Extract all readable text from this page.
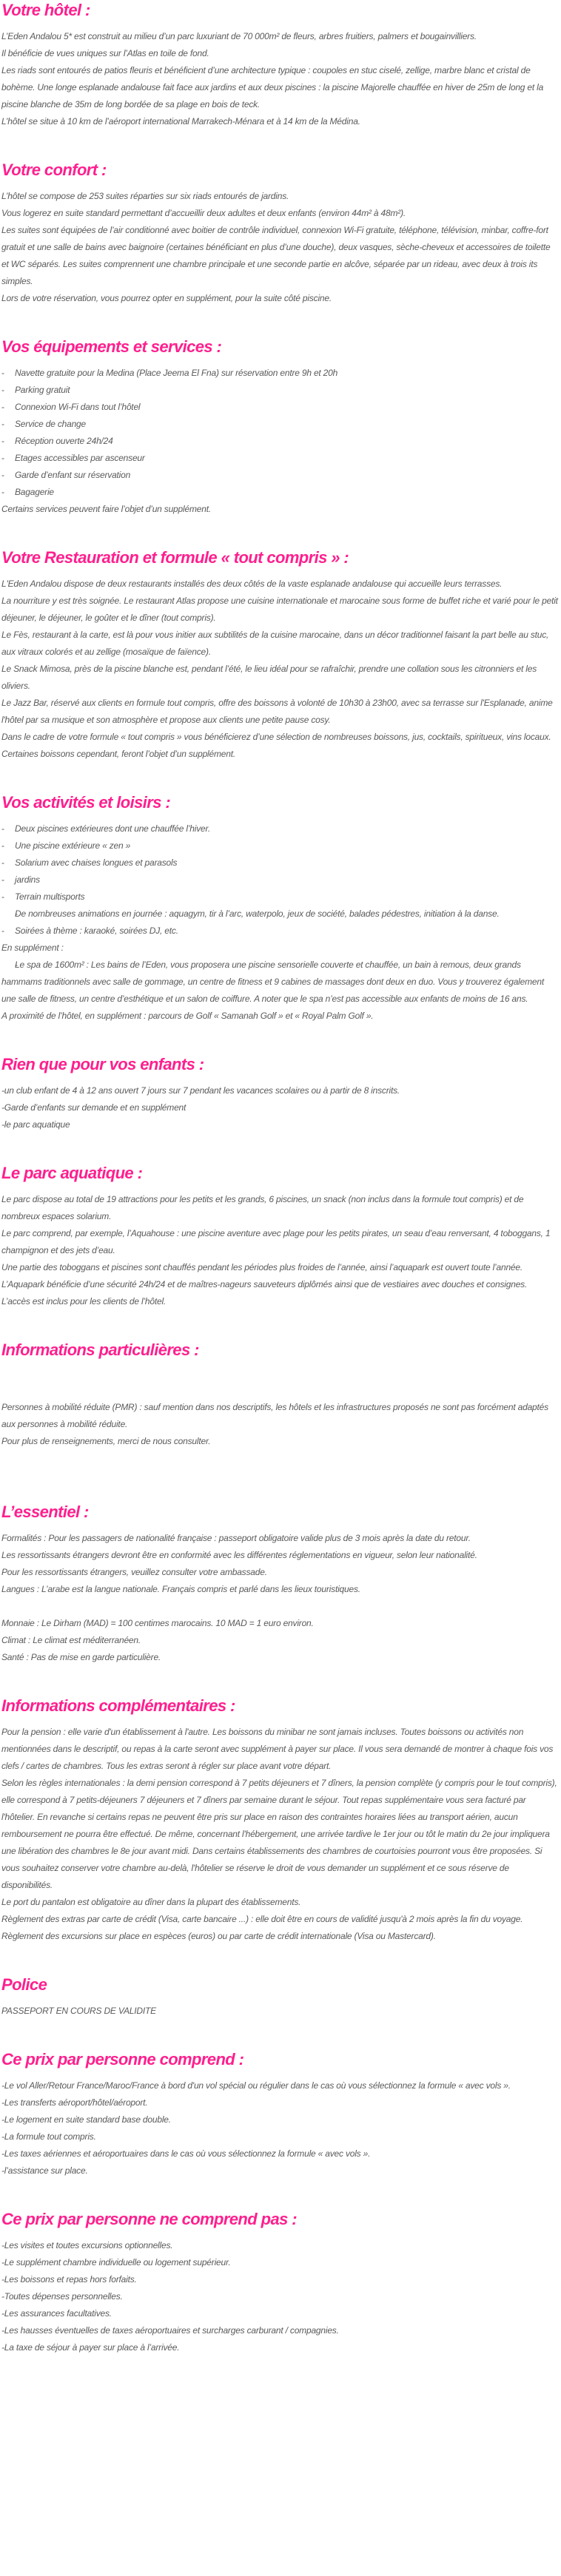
Votre hôtel :

L’Eden Andalou 5* est construit au milieu d’un parc luxuriant de 70 000m² de fleurs, arbres fruitiers, palmers et bougainvilliers.

Il bénéficie de vues uniques sur l’Atlas en toile de fond.

Les riads sont entourés de patios fleuris et bénéficient d’une architecture typique : coupoles en stuc ciselé, zellige, marbre blanc et cristal de bohème. Une longe esplanade andalouse fait face aux jardins et aux deux piscines : la piscine Majorelle chauffée en hiver de 25m de long et la piscine blanche de 35m de long bordée de sa plage en bois de teck.

L’hôtel se situe à 10 km de l’aéroport international Marrakech-Ménara et à 14 km de la Médina.

Votre confort :

L’hôtel se compose de 253 suites réparties sur six riads entourés de jardins.

Vous logerez en suite standard permettant d’accueillir deux adultes et deux enfants (environ 44m² à 48m²).

Les suites sont équipées de l’air conditionné avec boitier de contrôle individuel, connexion Wi-Fi gratuite, téléphone, télévision, minbar, coffre-fort gratuit et une salle de bains avec baignoire (certaines bénéficiant en plus d’une douche), deux vasques, sèche-cheveux et accessoires de toilette et WC séparés. Les suites comprennent une chambre principale et une seconde partie en alcôve, séparée par un rideau, avec deux à trois its simples.

Lors de votre réservation, vous pourrez opter en supplément, pour la suite côté piscine.

Vos équipements et services :
- Navette gratuite pour la Medina (Place Jeema El Fna) sur réservation entre 9h et 20h
- Parking gratuit
- Connexion Wi-Fi dans tout l’hôtel
- Service de change
- Réception ouverte 24h/24
- Etages accessibles par ascenseur
- Garde d’enfant sur réservation
- Bagagerie

Certains services peuvent faire l’objet d’un supplément.

Votre Restauration et formule « tout compris » :

L'Eden Andalou dispose de deux restaurants installés des deux côtés de la vaste esplanade andalouse qui accueille leurs terrasses.

La nourriture y est très soignée. Le restaurant Atlas propose une cuisine internationale et marocaine sous forme de buffet riche et varié pour le petit déjeuner, le déjeuner, le goûter et le dîner (tout compris).

Le Fès, restaurant à la carte, est là pour vous initier aux subtilités de la cuisine marocaine, dans un décor traditionnel faisant la part belle au stuc, aux vitraux colorés et au zellige (mosaïque de faïence).

Le Snack Mimosa, près de la piscine blanche est, pendant l’été, le lieu idéal pour se rafraîchir, prendre une collation sous les citronniers et les oliviers.

Le Jazz Bar, réservé aux clients en formule tout compris, offre des boissons à volonté de 10h30 à 23h00, avec sa terrasse sur l'Esplanade, anime l'hôtel par sa musique et son atmosphère et propose aux clients une petite pause cosy.

Dans le cadre de votre formule « tout compris » vous bénéficierez d’une sélection de nombreuses boissons, jus, cocktails, spiritueux, vins locaux. Certaines boissons cependant, feront l’objet d’un supplément.

Vos activités et loisirs :
- Deux piscines extérieures dont une chauffée l’hiver.
- Une piscine extérieure « zen »
- Solarium avec chaises longues et parasols
- jardins
- Terrain multisports
- De nombreuses animations en journée : aquagym, tir à l’arc, waterpolo, jeux de société, balades pédestres, initiation à la danse.
- Soirées à thème : karaoké, soirées DJ, etc.

En supplément :

- Le spa de 1600m² : Les bains de l’Eden, vous proposera une piscine sensorielle couverte et chauffée, un bain à remous, deux grands hammams traditionnels avec salle de gommage, un centre de fitness et 9 cabines de massages dont deux en duo. Vous y trouverez également une salle de fitness, un centre d’esthétique et un salon de coiffure. A noter que le spa n’est pas accessible aux enfants de moins de 16 ans.

A proximité de l’hôtel, en supplément : parcours de Golf « Samanah Golf » et « Royal Palm Golf ».

Rien que pour vos enfants :

-un club enfant de 4 à 12 ans ouvert 7 jours sur 7 pendant les vacances scolaires ou à partir de 8 inscrits.

-Garde d’enfants sur demande et en supplément

-le parc aquatique

Le parc aquatique :

Le parc dispose au total de 19 attractions pour les petits et les grands, 6 piscines, un snack (non inclus dans la formule tout compris) et de nombreux espaces solarium.

Le parc comprend, par exemple, l’Aquahouse : une piscine aventure avec plage pour les petits pirates, un seau d’eau renversant, 4 toboggans, 1 champignon et des jets d’eau.

Une partie des toboggans et piscines sont chauffés pendant les périodes plus froides de l’année, ainsi l’aquapark est ouvert toute l’année.

L’Aquapark bénéficie d’une sécurité 24h/24 et de maîtres-nageurs sauveteurs diplômés ainsi que de vestiaires avec douches et consignes.

L’accès est inclus pour les clients de l’hôtel.

Informations particulières :

Personnes à mobilité réduite (PMR) : sauf mention dans nos descriptifs, les hôtels et les infrastructures proposés ne sont pas forcément adaptés aux personnes à mobilité réduite.

Pour plus de renseignements, merci de nous consulter.

L’essentiel :

Formalités : Pour les passagers de nationalité française : passeport obligatoire valide plus de 3 mois après la date du retour.

Les ressortissants étrangers devront être en conformité avec les différentes réglementations en vigueur, selon leur nationalité.

Pour les ressortissants étrangers, veuillez consulter votre ambassade.

Langues : L’arabe est la langue nationale. Français compris et parlé dans les lieux touristiques.

Monnaie : Le Dirham (MAD) = 100 centimes marocains. 10 MAD = 1 euro environ.

Climat : Le climat est méditerranéen.

Santé : Pas de mise en garde particulière.

Informations complémentaires :

Pour la pension : elle varie d'un établissement à l'autre. Les boissons du minibar ne sont jamais incluses. Toutes boissons ou activités non mentionnées dans le descriptif, ou repas à la carte seront avec supplément à payer sur place. Il vous sera demandé de montrer à chaque fois vos clefs / cartes de chambres. Tous les extras seront à régler sur place avant votre départ.

Selon les règles internationales : la demi pension correspond à 7 petits déjeuners et 7 dîners, la pension complète (y compris pour le tout compris), elle correspond à 7 petits-déjeuners 7 déjeuners et 7 dîners par semaine durant le séjour. Tout repas supplémentaire vous sera facturé par l'hôtelier. En revanche si certains repas ne peuvent être pris sur place en raison des contraintes horaires liées au transport aérien, aucun remboursement ne pourra être effectué. De même, concernant l'hébergement, une arrivée tardive le 1er jour ou tôt le matin du 2e jour impliquera une libération des chambres le 8e jour avant midi. Dans certains établissements des chambres de courtoisies pourront vous être proposées. Si vous souhaitez conserver votre chambre au-delà, l'hôtelier se réserve le droit de vous demander un supplément et ce sous réserve de disponibilités.

Le port du pantalon est obligatoire au dîner dans la plupart des établissements.

Règlement des extras par carte de crédit (Visa, carte bancaire ...) : elle doit être en cours de validité jusqu'à 2 mois après la fin du voyage.

Règlement des excursions sur place en espèces (euros) ou par carte de crédit internationale (Visa ou Mastercard).

Police

PASSEPORT EN COURS DE VALIDITE

Ce prix par personne comprend :

-Le vol Aller/Retour France/Maroc/France à bord d'un vol spécial ou régulier dans le cas où vous sélectionnez la formule « avec vols ».

-Les transferts aéroport/hôtel/aéroport.

-Le logement en suite standard base double.

-La formule tout compris.

-Les taxes aériennes et aéroportuaires dans le cas où vous sélectionnez la formule « avec vols ».

-l’assistance sur place.

Ce prix par personne ne comprend pas :

-Les visites et toutes excursions optionnelles.

-Le supplément chambre individuelle ou logement supérieur.

-Les boissons et repas hors forfaits.

-Toutes dépenses personnelles.

-Les assurances facultatives.

-Les hausses éventuelles de taxes aéroportuaires et surcharges carburant / compagnies.

-La taxe de séjour à payer sur place à l’arrivée.
